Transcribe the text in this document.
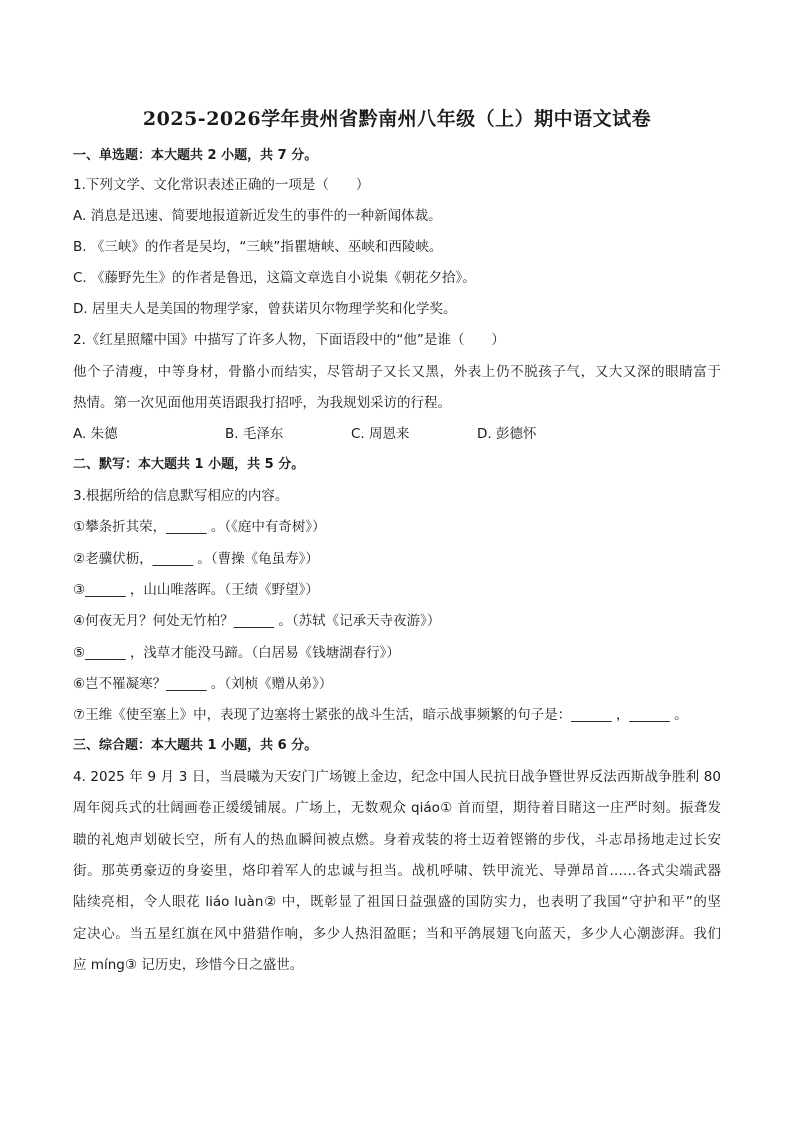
2025-2026学年贵州省黔南州八年级（上）期中语文试卷
一、单选题：本大题共 2 小题，共 7 分。
1.下列文学、文化常识表述正确的一项是（　　）
A. 消息是迅速、简要地报道新近发生的事件的一种新闻体裁。
B. 《三峡》的作者是吴均，“三峡”指瞿塘峡、巫峡和西陵峡。
C. 《藤野先生》的作者是鲁迅，这篇文章选自小说集《朝花夕拾》。
D. 居里夫人是美国的物理学家，曾获诺贝尔物理学奖和化学奖。
2.《红星照耀中国》中描写了许多人物，下面语段中的“他”是谁（　　）
他个子清瘦，中等身材，骨骼小而结实，尽管胡子又长又黑，外表上仍不脱孩子气，又大又深的眼睛富于
热情。第一次见面他用英语跟我打招呼，为我规划采访的行程。
A. 朱德	B. 毛泽东	C. 周恩来	D. 彭德怀
二、默写：本大题共 1 小题，共 5 分。
3.根据所给的信息默写相应的内容。
①攀条折其荣，______ 。（《庭中有奇树》）
②老骥伏枥，______ 。（曹操《龟虽寿》）
③______ ，山山唯落晖。（王绩《野望》）
④何夜无月？何处无竹柏？______ 。（苏轼《记承天寺夜游》）
⑤______ ，浅草才能没马蹄。（白居易《钱塘湖春行》）
⑥岂不罹凝寒？______ 。（刘桢《赠从弟》）
⑦王维《使至塞上》中，表现了边塞将士紧张的战斗生活，暗示战事频繁的句子是：______ ，______ 。
三、综合题：本大题共 1 小题，共 6 分。
4. 2025 年 9 月 3 日，当晨曦为天安门广场镀上金边，纪念中国人民抗日战争暨世界反法西斯战争胜利 80
周年阅兵式的壮阔画卷正缓缓铺展。广场上，无数观众 qiáo① 首而望，期待着目睹这一庄严时刻。振聋发
聩的礼炮声划破长空，所有人的热血瞬间被点燃。身着戎装的将士迈着铿锵的步伐，斗志昂扬地走过长安
街。那英勇豪迈的身姿里，烙印着军人的忠诚与担当。战机呼啸、铁甲流光、导弹昂首……各式尖端武器
陆续亮相，令人眼花 liáo luàn② 中，既彰显了祖国日益强盛的国防实力，也表明了我国“守护和平”的坚
定决心。当五星红旗在风中猎猎作响，多少人热泪盈眶；当和平鸽展翅飞向蓝天，多少人心潮澎湃。我们
应 míng③ 记历史，珍惜今日之盛世。
